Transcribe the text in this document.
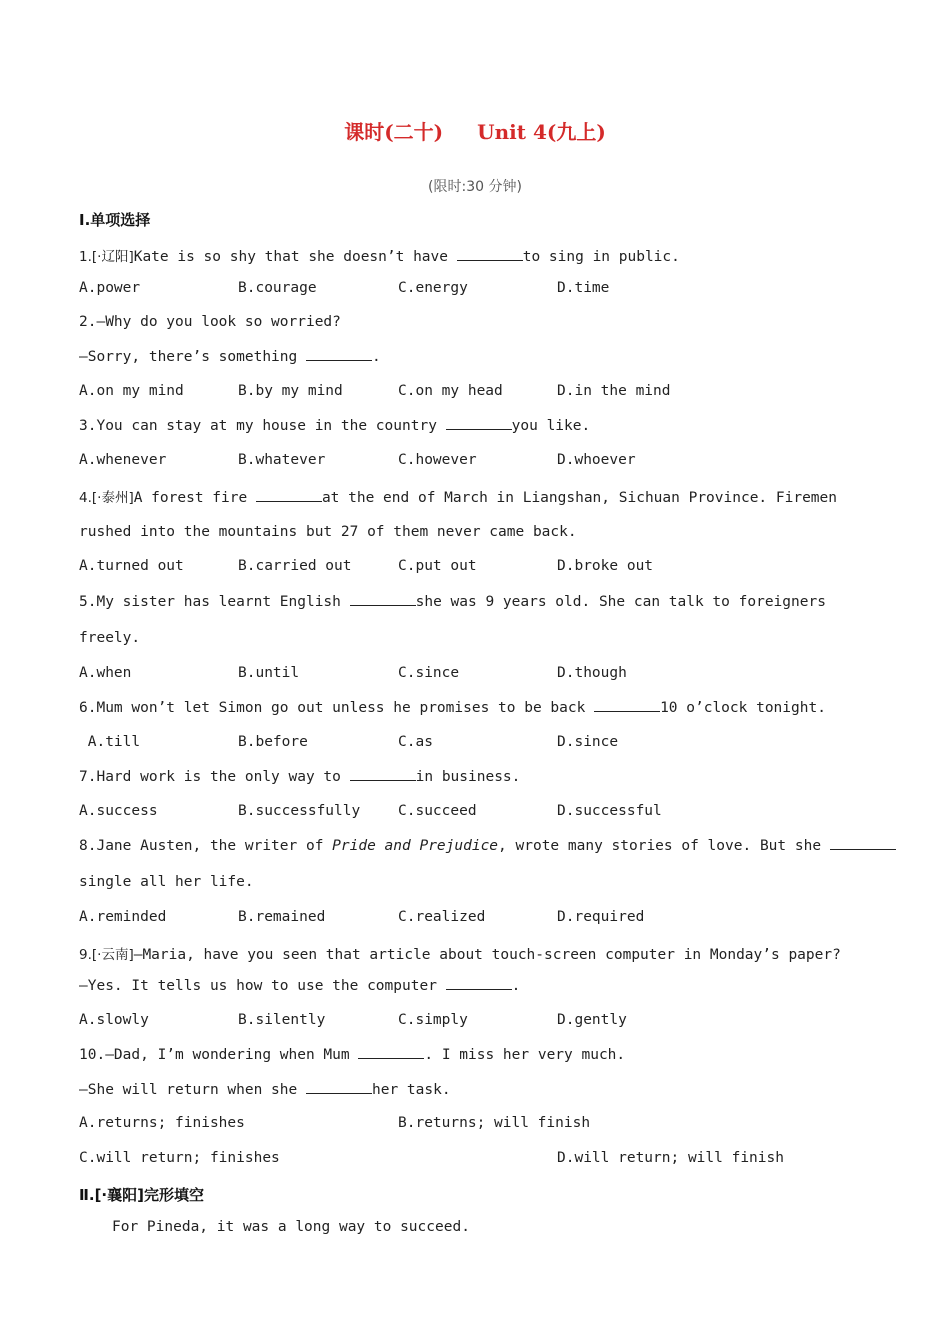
课时(二十) Unit 4(九上)
(限时:30 分钟)
Ⅰ.单项选择
1.[·辽阳]Kate is so shy that she doesn’t have	to sing in public.
A.power	B.courage	C.energy	D.time
2.—Why do you look so worried?
—Sorry, there’s something	.
A.on my mind	B.by my mind	C.on my head	D.in the mind
3.You can stay at my house in the country	you like.
A.whenever	B.whatever	C.however	D.whoever
4.[·泰州]A forest fire	at the end of March in Liangshan, Sichuan Province. Firemen
rushed into the mountains but 27 of them never came back.
A.turned out	B.carried out	C.put out	D.broke out
5.My sister has learnt English	she was 9 years old. She can talk to foreigners
freely.
A.when	B.until	C.since	D.though
6.Mum won’t let Simon go out unless he promises to be back	10 o’clock tonight.
A.till	B.before	C.as	D.since
7.Hard work is the only way to	in business.
A.success	B.successfully	C.succeed	D.successful
8.Jane Austen, the writer of Pride and Prejudice, wrote many stories of love. But she
single all her life.
A.reminded	B.remained	C.realized	D.required
9.[·云南]—Maria, have you seen that article about touch-screen computer in Monday’s paper?
—Yes. It tells us how to use the computer	.
A.slowly	B.silently	C.simply	D.gently
10.—Dad, I’m wondering when Mum	. I miss her very much.
—She will return when she	her task.
A.returns; finishes	B.returns; will finish
C.will return; finishes	D.will return; will finish
Ⅱ.[·襄阳]完形填空
For Pineda, it was a long way to succeed.
